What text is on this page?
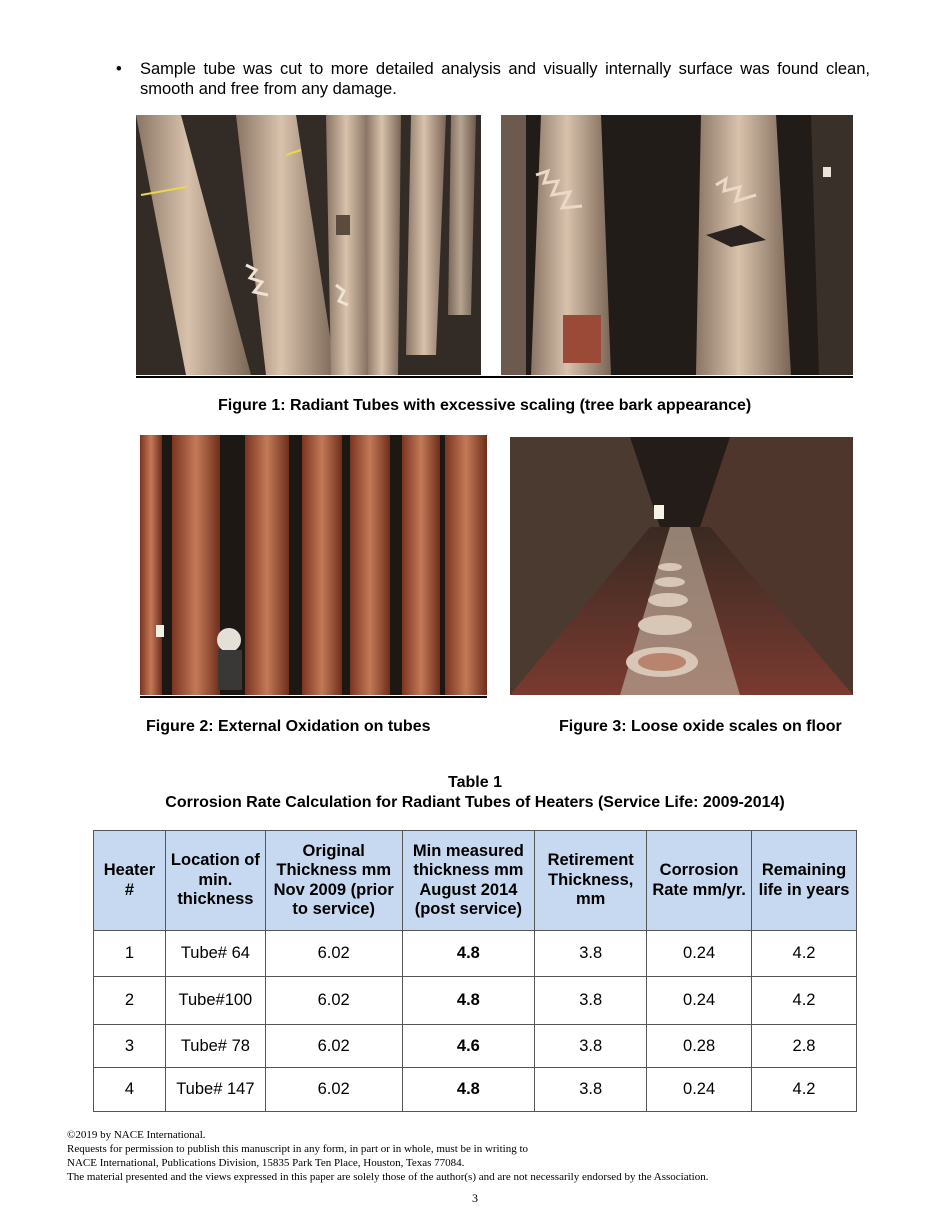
• Sample tube was cut to more detailed analysis and visually internally surface was found clean, smooth and free from any damage.
Figure 1: Radiant Tubes with excessive scaling (tree bark appearance)
Figure 2: External Oxidation on tubes	Figure 3: Loose oxide scales on floor
Table 1
Corrosion Rate Calculation for Radiant Tubes of Heaters (Service Life: 2009-2014)
Heater #	Location of min. thickness	Original Thickness mm Nov 2009 (prior to service)	Min measured thickness mm August 2014 (post service)	Retirement Thickness, mm	Corrosion Rate mm/yr.	Remaining life in years
1	Tube# 64	6.02	4.8	3.8	0.24	4.2
2	Tube#100	6.02	4.8	3.8	0.24	4.2
3	Tube# 78	6.02	4.6	3.8	0.28	2.8
4	Tube# 147	6.02	4.8	3.8	0.24	4.2
©2019 by NACE International.
Requests for permission to publish this manuscript in any form, in part or in whole, must be in writing to
NACE International, Publications Division, 15835 Park Ten Place, Houston, Texas 77084.
The material presented and the views expressed in this paper are solely those of the author(s) and are not necessarily endorsed by the Association.
3
